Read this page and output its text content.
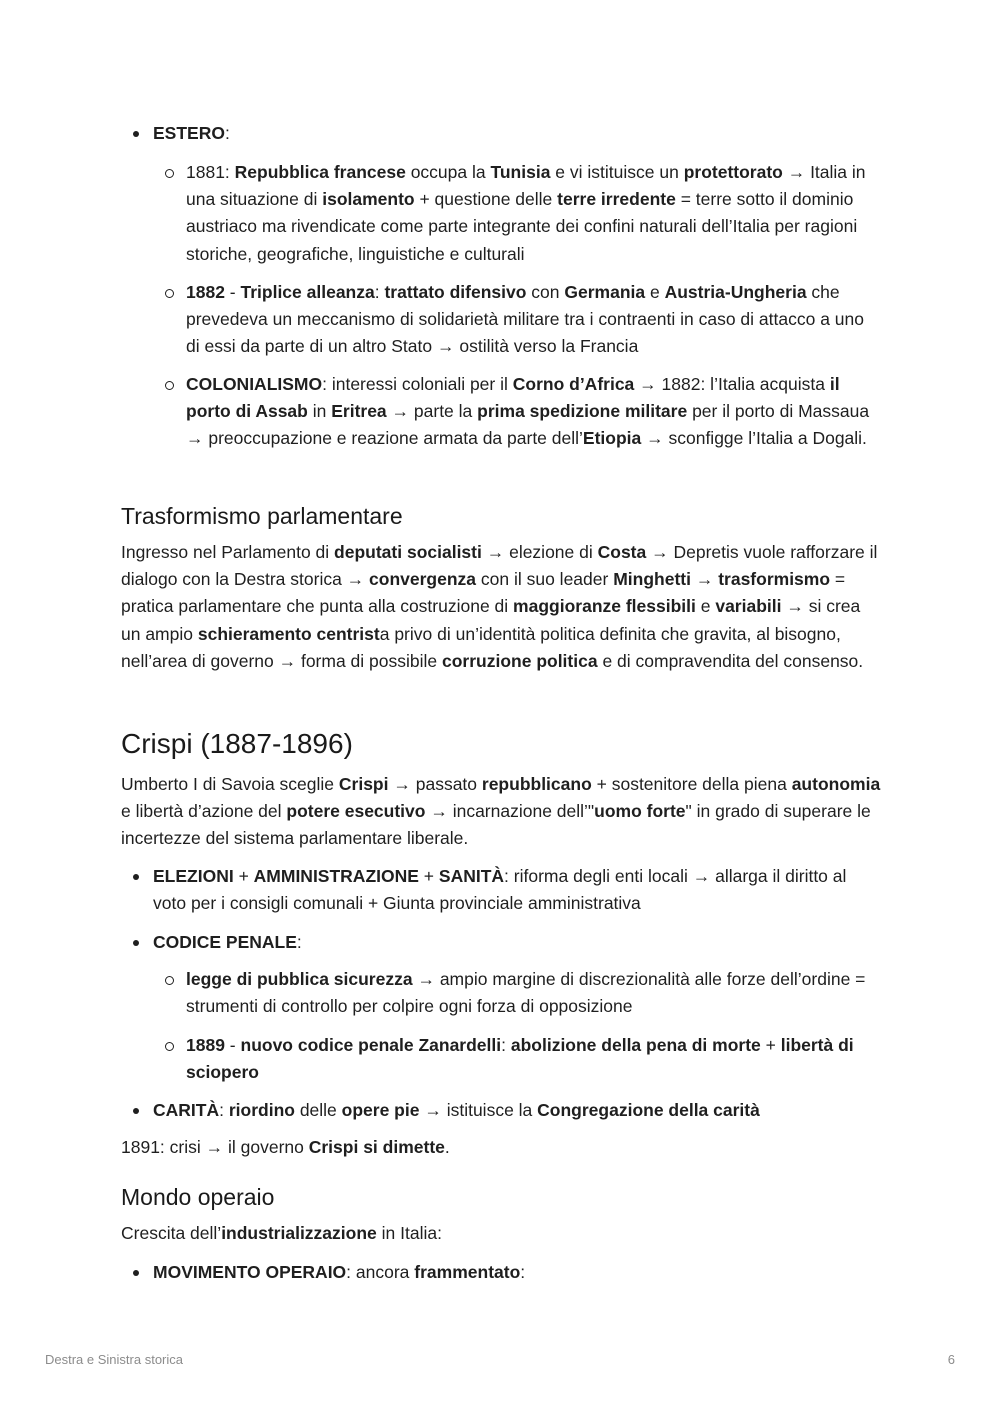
ESTERO:
1881: Repubblica francese occupa la Tunisia e vi istituisce un protettorato → Italia in una situazione di isolamento + questione delle terre irredente = terre sotto il dominio austriaco ma rivendicate come parte integrante dei confini naturali dell’Italia per ragioni storiche, geografiche, linguistiche e culturali
1882 - Triplice alleanza: trattato difensivo con Germania e Austria-Ungheria che prevedeva un meccanismo di solidarietà militare tra i contraenti in caso di attacco a uno di essi da parte di un altro Stato → ostilità verso la Francia
COLONIALISMO: interessi coloniali per il Corno d’Africa → 1882: l’Italia acquista il porto di Assab in Eritrea → parte la prima spedizione militare per il porto di Massaua → preoccupazione e reazione armata da parte dell’Etiopia → sconfigge l’Italia a Dogali.
Trasformismo parlamentare
Ingresso nel Parlamento di deputati socialisti → elezione di Costa → Depretis vuole rafforzare il dialogo con la Destra storica → convergenza con il suo leader Minghetti → trasformismo = pratica parlamentare che punta alla costruzione di maggioranze flessibili e variabili → si crea un ampio schieramento centrista privo di un’identità politica definita che gravita, al bisogno, nell’area di governo → forma di possibile corruzione politica e di compravendita del consenso.
Crispi (1887-1896)
Umberto I di Savoia sceglie Crispi → passato repubblicano + sostenitore della piena autonomia e libertà d’azione del potere esecutivo → incarnazione dell’"uomo forte" in grado di superare le incertezze del sistema parlamentare liberale.
ELEZIONI + AMMINISTRAZIONE + SANITÀ: riforma degli enti locali → allarga il diritto al voto per i consigli comunali + Giunta provinciale amministrativa
CODICE PENALE:
legge di pubblica sicurezza → ampio margine di discrezionalità alle forze dell’ordine = strumenti di controllo per colpire ogni forza di opposizione
1889 - nuovo codice penale Zanardelli: abolizione della pena di morte + libertà di sciopero
CARITÀ: riordino delle opere pie → istituisce la Congregazione della carità
1891: crisi → il governo Crispi si dimette.
Mondo operaio
Crescita dell’industrializzazione in Italia:
MOVIMENTO OPERAIO: ancora frammentato:
Destra e Sinistra storica	6
